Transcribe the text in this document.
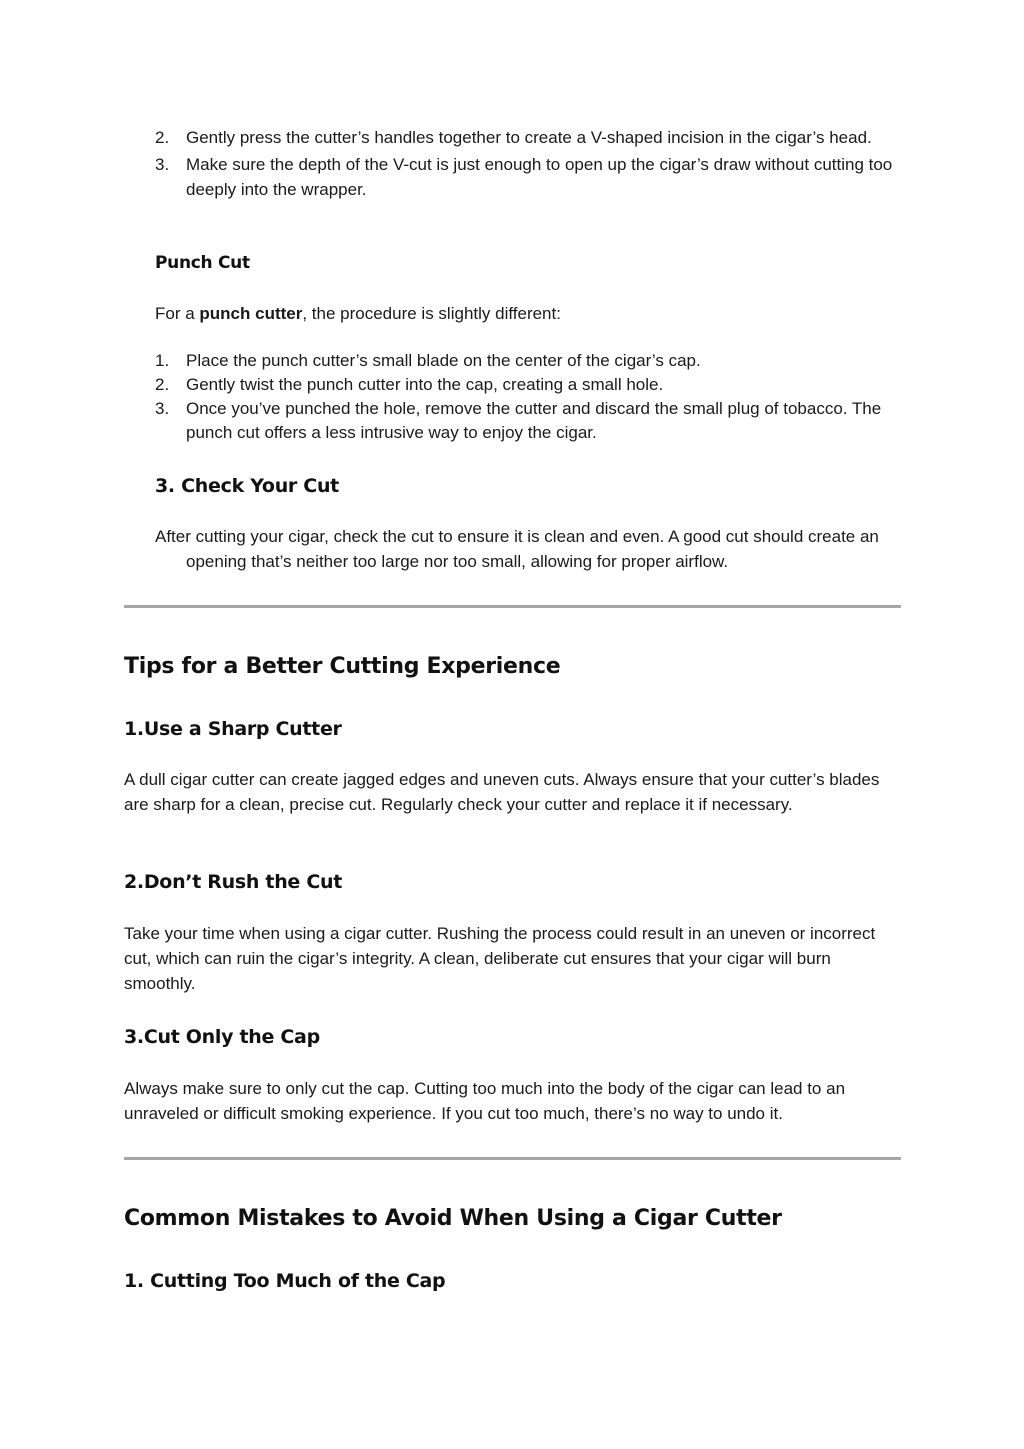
2. Gently press the cutter’s handles together to create a V-shaped incision in the cigar’s head.
3. Make sure the depth of the V-cut is just enough to open up the cigar’s draw without cutting too deeply into the wrapper.
Punch Cut
For a punch cutter, the procedure is slightly different:
1. Place the punch cutter’s small blade on the center of the cigar’s cap.
2. Gently twist the punch cutter into the cap, creating a small hole.
3. Once you’ve punched the hole, remove the cutter and discard the small plug of tobacco. The punch cut offers a less intrusive way to enjoy the cigar.
3. Check Your Cut
After cutting your cigar, check the cut to ensure it is clean and even. A good cut should create an opening that’s neither too large nor too small, allowing for proper airflow.
Tips for a Better Cutting Experience
1.Use a Sharp Cutter
A dull cigar cutter can create jagged edges and uneven cuts. Always ensure that your cutter’s blades are sharp for a clean, precise cut. Regularly check your cutter and replace it if necessary.
2.Don’t Rush the Cut
Take your time when using a cigar cutter. Rushing the process could result in an uneven or incorrect cut, which can ruin the cigar’s integrity. A clean, deliberate cut ensures that your cigar will burn smoothly.
3.Cut Only the Cap
Always make sure to only cut the cap. Cutting too much into the body of the cigar can lead to an unraveled or difficult smoking experience. If you cut too much, there’s no way to undo it.
Common Mistakes to Avoid When Using a Cigar Cutter
1. Cutting Too Much of the Cap
